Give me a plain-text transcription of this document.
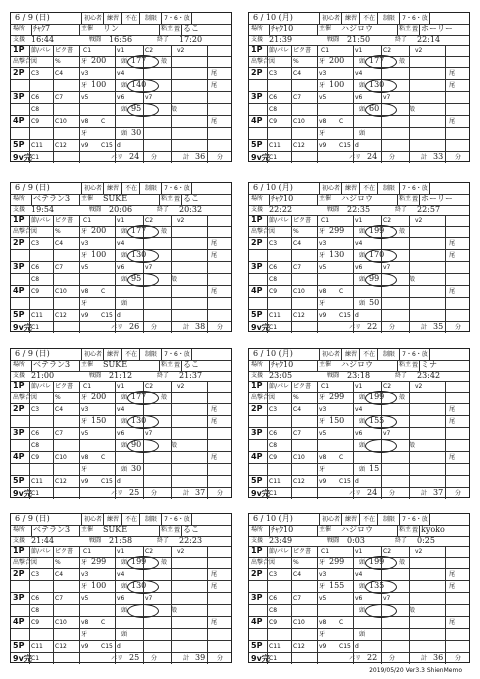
6 / 9 (日)	初心者 練習 不在	制限	7・6・放置
場所 ﾁｬｸ7	主催 リン	粘主 るこ
支援 16:44	戦闘 16:56	終了 17:20
1P 節/パレ ピク書 C1	v1	C2	v2
出撃合図	%	牙 200 頭 177 殻
2P C3	C4	v3	v4	尾
牙 100 頭 140	尾
3P C6	C7	v5	v6	v7
C8	頭 95	殻
4P C9	C10 v8 C	尾
牙	頭 30
5P C11 C12 v9 C15 d
9v完 C1	パリ 24 分	計 36 分
6 / 10 (月)	初心者 練習 不在	制限	7・6・放置
場所 ﾁｬｸ10	主催 ハジロウ	粘主 ホーリー
支援 21:39	戦闘 21:50	終了 22:14
1P 節/パレ ピク書 C1	v1	C2	v2
出撃合図	%	牙 200 頭 177 殻
2P C3	C4	v3	v4	尾
牙 100 頭 130	尾
3P C6	C7	v5	v6	v7
C8	頭 60	殻
4P C9	C10 v8 C	尾
牙	頭
5P C11 C12 v9 C15 d
9v完 C1	パリ 24 分	計 33 分
6 / 9 (日)	初心者 練習 不在	制限	7・6・放置
場所 ベテラン3 主催 SUKE	粘主 るこ
支援 19:54	戦闘 20:06	終了 20:32
1P 節/パレ ピク書 C1	v1	C2	v2
出撃合図	%	牙 200 頭 177 殻
2P C3	C4	v3	v4	尾
牙 100 頭 130	尾
3P C6	C7	v5	v6	v7
C8	頭 95	殻
4P C9	C10 v8 C	尾
牙	頭
5P C11 C12 v9 C15 d
9v完 C1	パリ 26 分	計 38 分
6 / 10 (月)	初心者 練習 不在	制限	7・6・放置
場所 ﾁｬｸ10	主催 ハジロウ	粘主 ホーリー
支援 22:22	戦闘 22:35	終了 22:57
1P 節/パレ ピク書 C1	v1	C2	v2
出撃合図	%	牙 299 頭 199 殻
2P C3	C4	v3	v4	尾
牙 130 頭 170	尾
3P C6	C7	v5	v6	v7
C8	頭 99	殻
4P C9	C10 v8 C	尾
牙	頭 50
5P C11 C12 v9 C15 d
9v完 C1	パリ 22 分	計 35 分
6 / 9 (日)	初心者 練習 不在	制限	7・6・放置
場所 ベテラン3 主催 SUKE	粘主 るこ
支援 21:00	戦闘 21:12	終了 21:37
1P 節/パレ ピク書 C1	v1	C2	v2
出撃合図	%	牙 200 頭 177 殻
2P C3	C4	v3	v4	尾
牙 150 頭 130	尾
3P C6	C7	v5	v6	v7
C8	頭 90	殻
4P C9	C10 v8 C	尾
牙	頭 30
5P C11 C12 v9 C15 d
9v完 C1	パリ 25 分	計 37 分
6 / 10 (月)	初心者 練習 不在	制限	7・6・放置
場所 ﾁｬｸ10	主催 ハジロウ	粘主 ミナ
支援 23:05	戦闘 23:18	終了 23:42
1P 節/パレ ピク書 C1	v1	C2	v2
出撃合図	%	牙 299 頭 199 殻
2P C3	C4	v3	v4	尾
牙 150 頭 155	尾
3P C6	C7	v5	v6	v7
C8	頭	殻
4P C9	C10 v8 C	尾
牙	頭 15
5P C11 C12 v9 C15 d
9v完 C1	パリ 24 分	計 37 分
6 / 9 (日)	初心者 練習 不在	制限	7・6・放置
場所 ベテラン3 主催 SUKE	粘主 るこ
支援 21:44	戦闘 21:58	終了 22:23
1P 節/パレ ピク書 C1	v1	C2	v2
出撃合図	%	牙 299 頭 199 殻
2P C3	C4	v3	v4	尾
牙 100 頭 130	尾
3P C6	C7	v5	v6	v7
C8	頭	殻
4P C9	C10 v8 C	尾
牙	頭
5P C11 C12 v9 C15 d
9v完 C1	パリ 25 分	計 39 分
6 / 10 (月)	初心者 練習 不在	制限	7・6・放置
場所 ﾁｬｸ10	主催 ハジロウ	粘主 kyoko
支援 23:49	戦闘 0:03	終了 0:25
1P 節/パレ ピク書 C1	v1	C2	v2
出撃合図	%	牙 299 頭 199 殻
2P C3	C4	v3	v4	尾
牙 155 頭 135	尾
3P C6	C7	v5	v6	v7
C8	頭	殻
4P C9	C10 v8 C	尾
牙	頭
5P C11 C12 v9 C15 d
9v完 C1	パリ 22 分	計 36 分
2019/05/20 Ver3.3 ShienMemo
